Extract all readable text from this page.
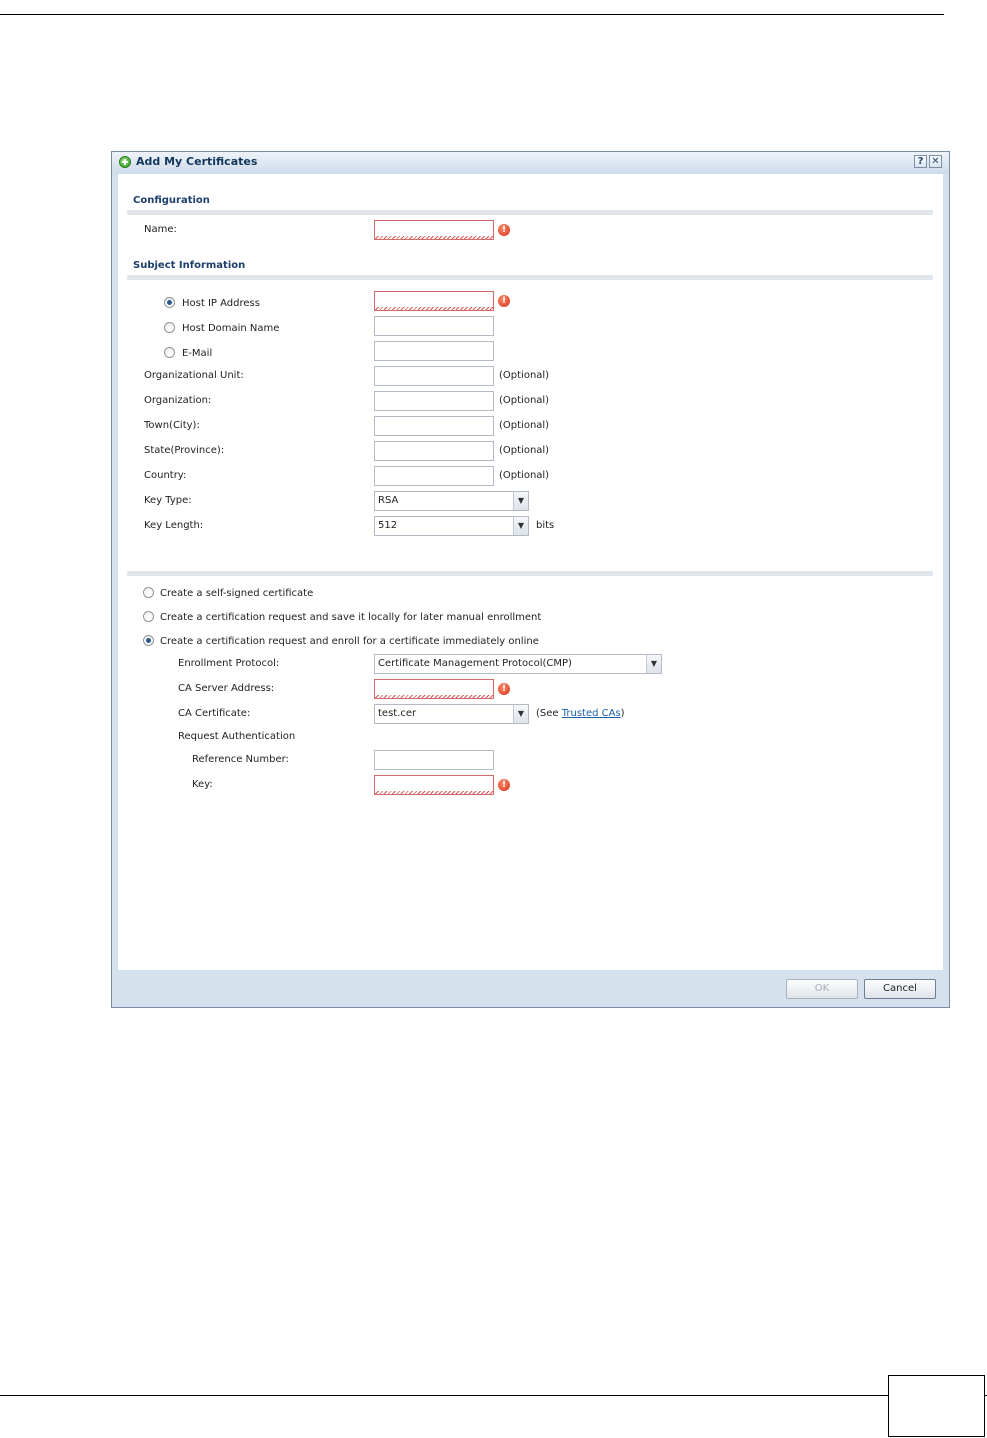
Add My Certificates	? ✕
Configuration
Name:	!
Subject Information
Host IP Address	!
Host Domain Name
E-Mail
Organizational Unit:	(Optional)
Organization:	(Optional)
Town(City):	(Optional)
State(Province):	(Optional)
Country:	(Optional)
Key Type:	RSA	▼
Key Length:	512	▼	bits
Create a self-signed certificate
Create a certification request and save it locally for later manual enrollment
Create a certification request and enroll for a certificate immediately online
Enrollment Protocol:	Certificate Management Protocol(CMP)	▼
CA Server Address:	!
CA Certificate:	test.cer	▼	(See Trusted CAs)
Request Authentication
Reference Number:
Key:	!
OK	Cancel
